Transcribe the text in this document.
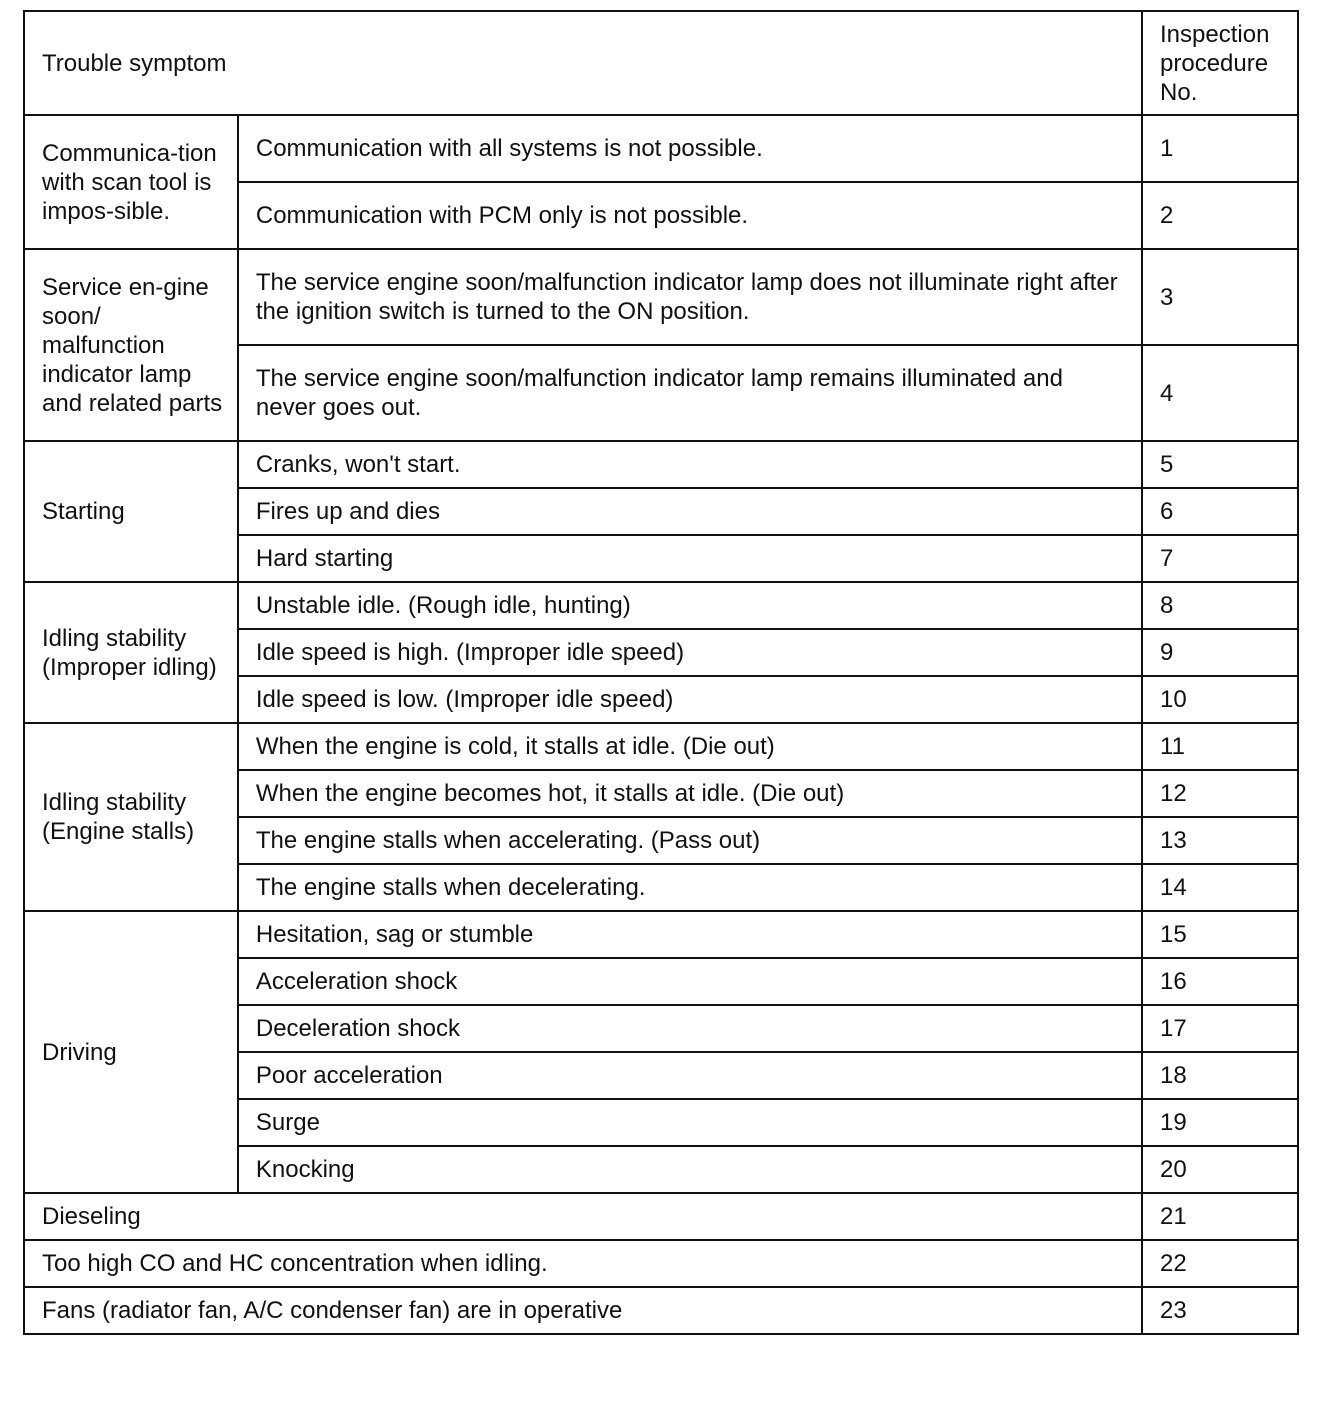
Trouble symptom		Inspection procedure No.
Communica-tion with scan tool is impos-sible.	Communication with all systems is not possible.	1
	Communication with PCM only is not possible.	2
Service en-gine soon/ malfunction indicator lamp and related parts	The service engine soon/malfunction indicator lamp does not illuminate right after the ignition switch is turned to the ON position.	3
	The service engine soon/malfunction indicator lamp remains illuminated and never goes out.	4
Starting	Cranks, won't start.	5
	Fires up and dies	6
	Hard starting	7
Idling stability (Improper idling)	Unstable idle. (Rough idle, hunting)	8
	Idle speed is high. (Improper idle speed)	9
	Idle speed is low. (Improper idle speed)	10
Idling stability (Engine stalls)	When the engine is cold, it stalls at idle. (Die out)	11
	When the engine becomes hot, it stalls at idle. (Die out)	12
	The engine stalls when accelerating. (Pass out)	13
	The engine stalls when decelerating.	14
Driving	Hesitation, sag or stumble	15
	Acceleration shock	16
	Deceleration shock	17
	Poor acceleration	18
	Surge	19
	Knocking	20
Dieseling		21
Too high CO and HC concentration when idling.		22
Fans (radiator fan, A/C condenser fan) are in operative		23
